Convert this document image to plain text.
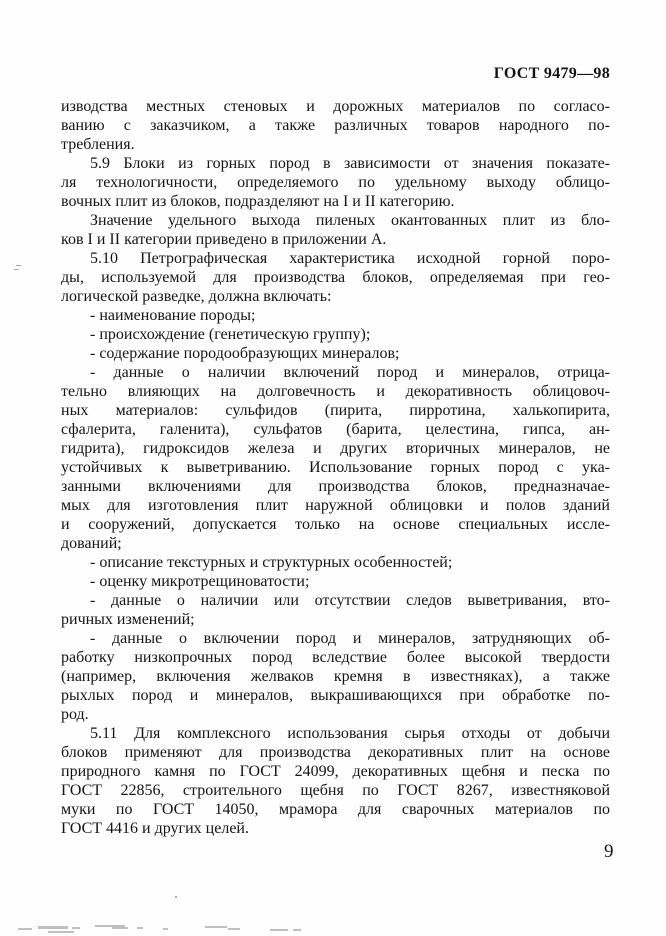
ГОСТ 9479—98
изводства местных стеновых и дорожных материалов по согласо-
ванию с заказчиком, а также различных товаров народного по-
требления.
5.9 Блоки из горных пород в зависимости от значения показате-
ля технологичности, определяемого по удельному выходу облицо-
вочных плит из блоков, подразделяют на I и II категорию.
Значение удельного выхода пиленых окантованных плит из бло-
ков I и II категории приведено в приложении А.
5.10 Петрографическая характеристика исходной горной поро-
ды, используемой для производства блоков, определяемая при гео-
логической разведке, должна включать:
- наименование породы;
- происхождение (генетическую группу);
- содержание породообразующих минералов;
- данные о наличии включений пород и минералов, отрица-
тельно влияющих на долговечность и декоративность облицовоч-
ных материалов: сульфидов (пирита, пирротина, халькопирита,
сфалерита, галенита), сульфатов (барита, целестина, гипса, ан-
гидрита), гидроксидов железа и других вторичных минералов, не
устойчивых к выветриванию. Использование горных пород с ука-
занными включениями для производства блоков, предназначае-
мых для изготовления плит наружной облицовки и полов зданий
и сооружений, допускается только на основе специальных иссле-
дований;
- описание текстурных и структурных особенностей;
- оценку микротрещиноватости;
- данные о наличии или отсутствии следов выветривания, вто-
ричных изменений;
- данные о включении пород и минералов, затрудняющих об-
работку низкопрочных пород вследствие более высокой твердости
(например, включения желваков кремня в известняках), а также
рыхлых пород и минералов, выкрашивающихся при обработке по-
род.
5.11 Для комплексного использования сырья отходы от добычи
блоков применяют для производства декоративных плит на основе
природного камня по ГОСТ 24099, декоративных щебня и песка по
ГОСТ 22856, строительного щебня по ГОСТ 8267, известняковой
муки по ГОСТ 14050, мрамора для сварочных материалов по
ГОСТ 4416 и других целей.
9
